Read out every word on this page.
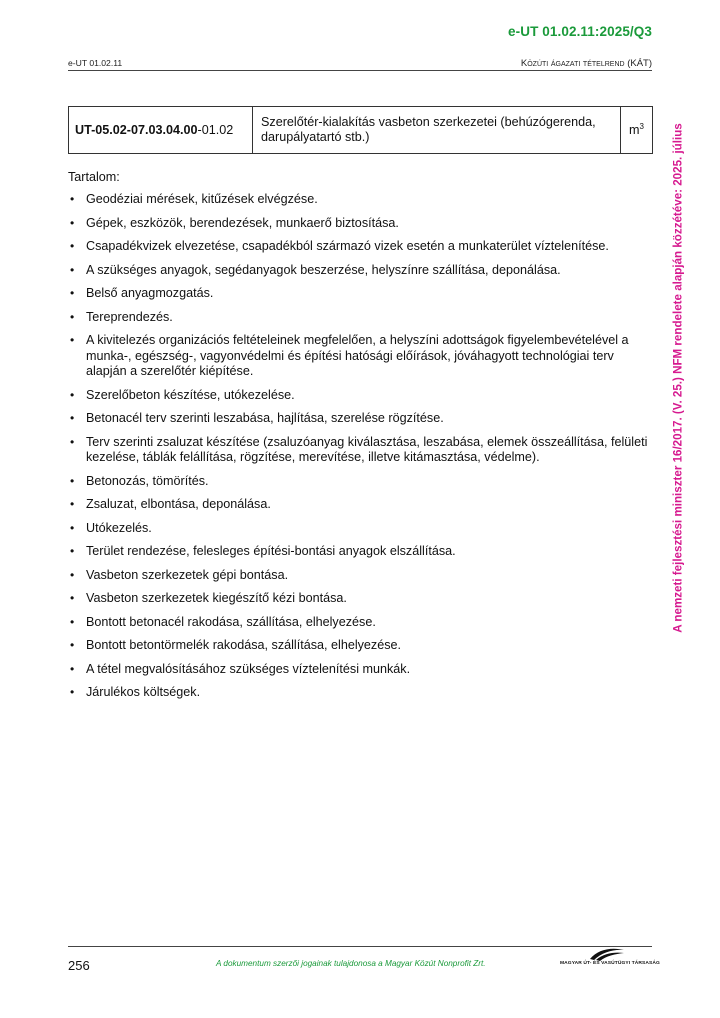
e-UT 01.02.11:2025/Q3
e-UT 01.02.11	Közúti ágazati tételrend (KÁT)
UT-05.02-07.03.04.00-01.02	Szerelőtér-kialakítás vasbeton szerkezetei (behúzógerenda, darupályatartó stb.)	$m^3$
Tartalom:
• Geodéziai mérések, kitűzések elvégzése.
• Gépek, eszközök, berendezések, munkaerő biztosítása.
• Csapadékvizek elvezetése, csapadékból származó vizek esetén a munkaterület víztelenítése.
• A szükséges anyagok, segédanyagok beszerzése, helyszínre szállítása, deponálása.
• Belső anyagmozgatás.
• Tereprendezés.
• A kivitelezés organizációs feltételeinek megfelelően, a helyszíni adottságok figyelembevételével a munka-, egészség-, vagyonvédelmi és építési hatósági előírások, jóváhagyott technológiai terv alapján a szerelőtér kiépítése.
• Szerelőbeton készítése, utókezelése.
• Betonacél terv szerinti leszabása, hajlítása, szerelése rögzítése.
• Terv szerinti zsaluzat készítése (zsaluzóanyag kiválasztása, leszabása, elemek összeállítása, felületi kezelése, táblák felállítása, rögzítése, merevítése, illetve kitámasztása, védelme).
• Betonozás, tömörítés.
• Zsaluzat, elbontása, deponálása.
• Utókezelés.
• Terület rendezése, felesleges építési-bontási anyagok elszállítása.
• Vasbeton szerkezetek gépi bontása.
• Vasbeton szerkezetek kiegészítő kézi bontása.
• Bontott betonacél rakodása, szállítása, elhelyezése.
• Bontott betontörmelék rakodása, szállítása, elhelyezése.
• A tétel megvalósításához szükséges víztelenítési munkák.
• Járulékos költségek.
A nemzeti fejlesztési miniszter 16/2017. (V. 25.) NFM rendelete alapján közzétéve: 2025. július
256	A dokumentum szerzői jogainak tulajdonosa a Magyar Közút Nonprofit Zrt.	MAGYAR ÚT- ÉS VASÚTÜGYI TÁRSASÁG
